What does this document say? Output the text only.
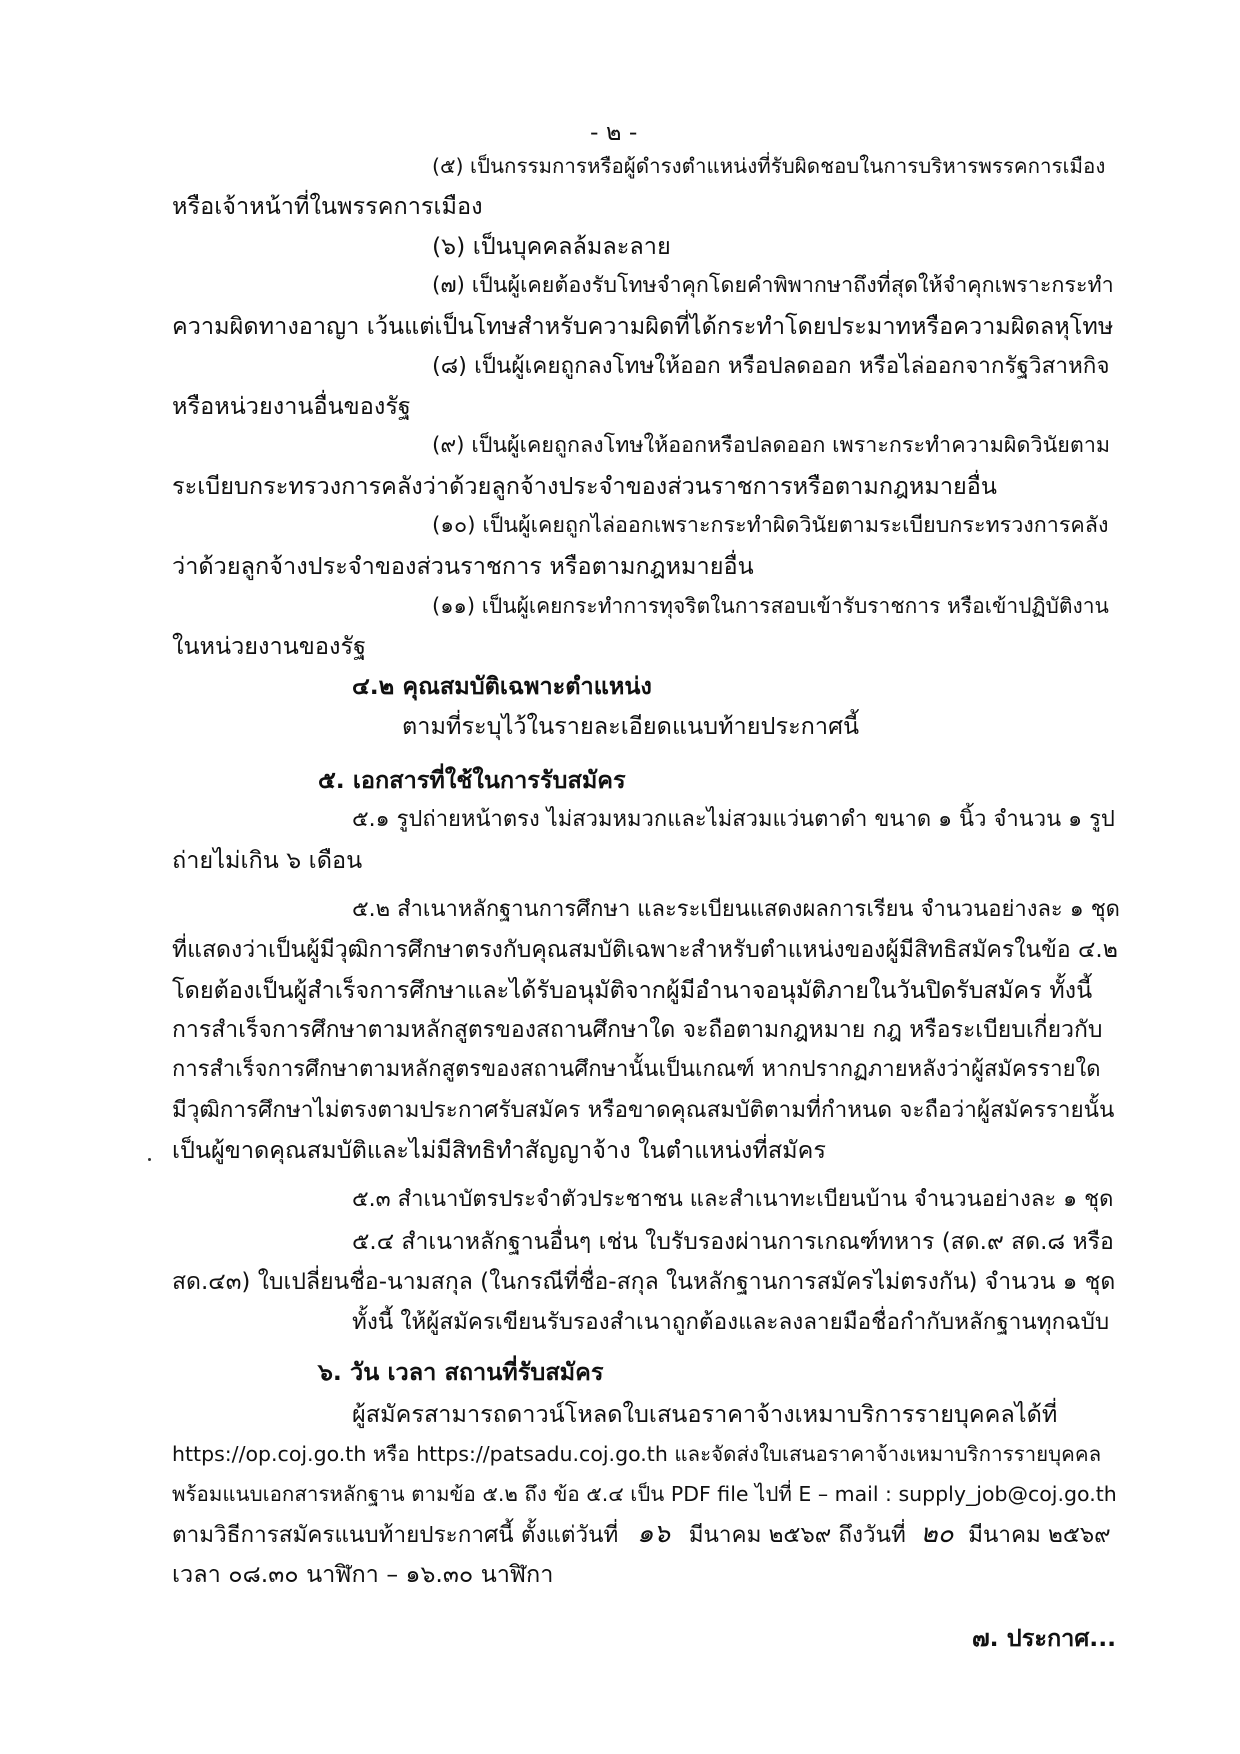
- ๒ -
(๕) เป็นกรรมการหรือผู้ดำรงตำแหน่งที่รับผิดชอบในการบริหารพรรคการเมือง
หรือเจ้าหน้าที่ในพรรคการเมือง
(๖) เป็นบุคคลล้มละลาย
(๗) เป็นผู้เคยต้องรับโทษจำคุกโดยคำพิพากษาถึงที่สุดให้จำคุกเพราะกระทำ
ความผิดทางอาญา เว้นแต่เป็นโทษสำหรับความผิดที่ได้กระทำโดยประมาทหรือความผิดลหุโทษ
(๘) เป็นผู้เคยถูกลงโทษให้ออก หรือปลดออก หรือไล่ออกจากรัฐวิสาหกิจ
หรือหน่วยงานอื่นของรัฐ
(๙) เป็นผู้เคยถูกลงโทษให้ออกหรือปลดออก เพราะกระทำความผิดวินัยตาม
ระเบียบกระทรวงการคลังว่าด้วยลูกจ้างประจำของส่วนราชการหรือตามกฎหมายอื่น
(๑๐) เป็นผู้เคยถูกไล่ออกเพราะกระทำผิดวินัยตามระเบียบกระทรวงการคลัง
ว่าด้วยลูกจ้างประจำของส่วนราชการ หรือตามกฎหมายอื่น
(๑๑) เป็นผู้เคยกระทำการทุจริตในการสอบเข้ารับราชการ หรือเข้าปฏิบัติงาน
ในหน่วยงานของรัฐ
๔.๒ คุณสมบัติเฉพาะตำแหน่ง
ตามที่ระบุไว้ในรายละเอียดแนบท้ายประกาศนี้
๕. เอกสารที่ใช้ในการรับสมัคร
๕.๑ รูปถ่ายหน้าตรง ไม่สวมหมวกและไม่สวมแว่นตาดำ ขนาด ๑ นิ้ว จำนวน ๑ รูป
ถ่ายไม่เกิน ๖ เดือน
๕.๒ สำเนาหลักฐานการศึกษา และระเบียนแสดงผลการเรียน จำนวนอย่างละ ๑ ชุด
ที่แสดงว่าเป็นผู้มีวุฒิการศึกษาตรงกับคุณสมบัติเฉพาะสำหรับตำแหน่งของผู้มีสิทธิสมัครในข้อ ๔.๒
โดยต้องเป็นผู้สำเร็จการศึกษาและได้รับอนุมัติจากผู้มีอำนาจอนุมัติภายในวันปิดรับสมัคร ทั้งนี้
การสำเร็จการศึกษาตามหลักสูตรของสถานศึกษาใด จะถือตามกฎหมาย กฎ หรือระเบียบเกี่ยวกับ
การสำเร็จการศึกษาตามหลักสูตรของสถานศึกษานั้นเป็นเกณฑ์ หากปรากฏภายหลังว่าผู้สมัครรายใด
มีวุฒิการศึกษาไม่ตรงตามประกาศรับสมัคร หรือขาดคุณสมบัติตามที่กำหนด จะถือว่าผู้สมัครรายนั้น
เป็นผู้ขาดคุณสมบัติและไม่มีสิทธิทำสัญญาจ้าง ในตำแหน่งที่สมัคร
๕.๓ สำเนาบัตรประจำตัวประชาชน และสำเนาทะเบียนบ้าน จำนวนอย่างละ ๑ ชุด
๕.๔ สำเนาหลักฐานอื่นๆ เช่น ใบรับรองผ่านการเกณฑ์ทหาร (สด.๙ สด.๘ หรือ
สด.๔๓) ใบเปลี่ยนชื่อ-นามสกุล (ในกรณีที่ชื่อ-สกุล ในหลักฐานการสมัครไม่ตรงกัน) จำนวน ๑ ชุด
ทั้งนี้ ให้ผู้สมัครเขียนรับรองสำเนาถูกต้องและลงลายมือชื่อกำกับหลักฐานทุกฉบับ
๖. วัน เวลา สถานที่รับสมัคร
ผู้สมัครสามารถดาวน์โหลดใบเสนอราคาจ้างเหมาบริการรายบุคคลได้ที่
https://op.coj.go.th หรือ https://patsadu.coj.go.th และจัดส่งใบเสนอราคาจ้างเหมาบริการรายบุคคล
พร้อมแนบเอกสารหลักฐาน ตามข้อ ๕.๒ ถึง ข้อ ๕.๔ เป็น PDF file ไปที่ E – mail : supply_job@coj.go.th
ตามวิธีการสมัครแนบท้ายประกาศนี้ ตั้งแต่วันที่ ๑๖ มีนาคม ๒๕๖๙ ถึงวันที่ ๒๐ มีนาคม ๒๕๖๙
เวลา ๐๘.๓๐ นาฬิกา – ๑๖.๓๐ นาฬิกา
๗. ประกาศ...
